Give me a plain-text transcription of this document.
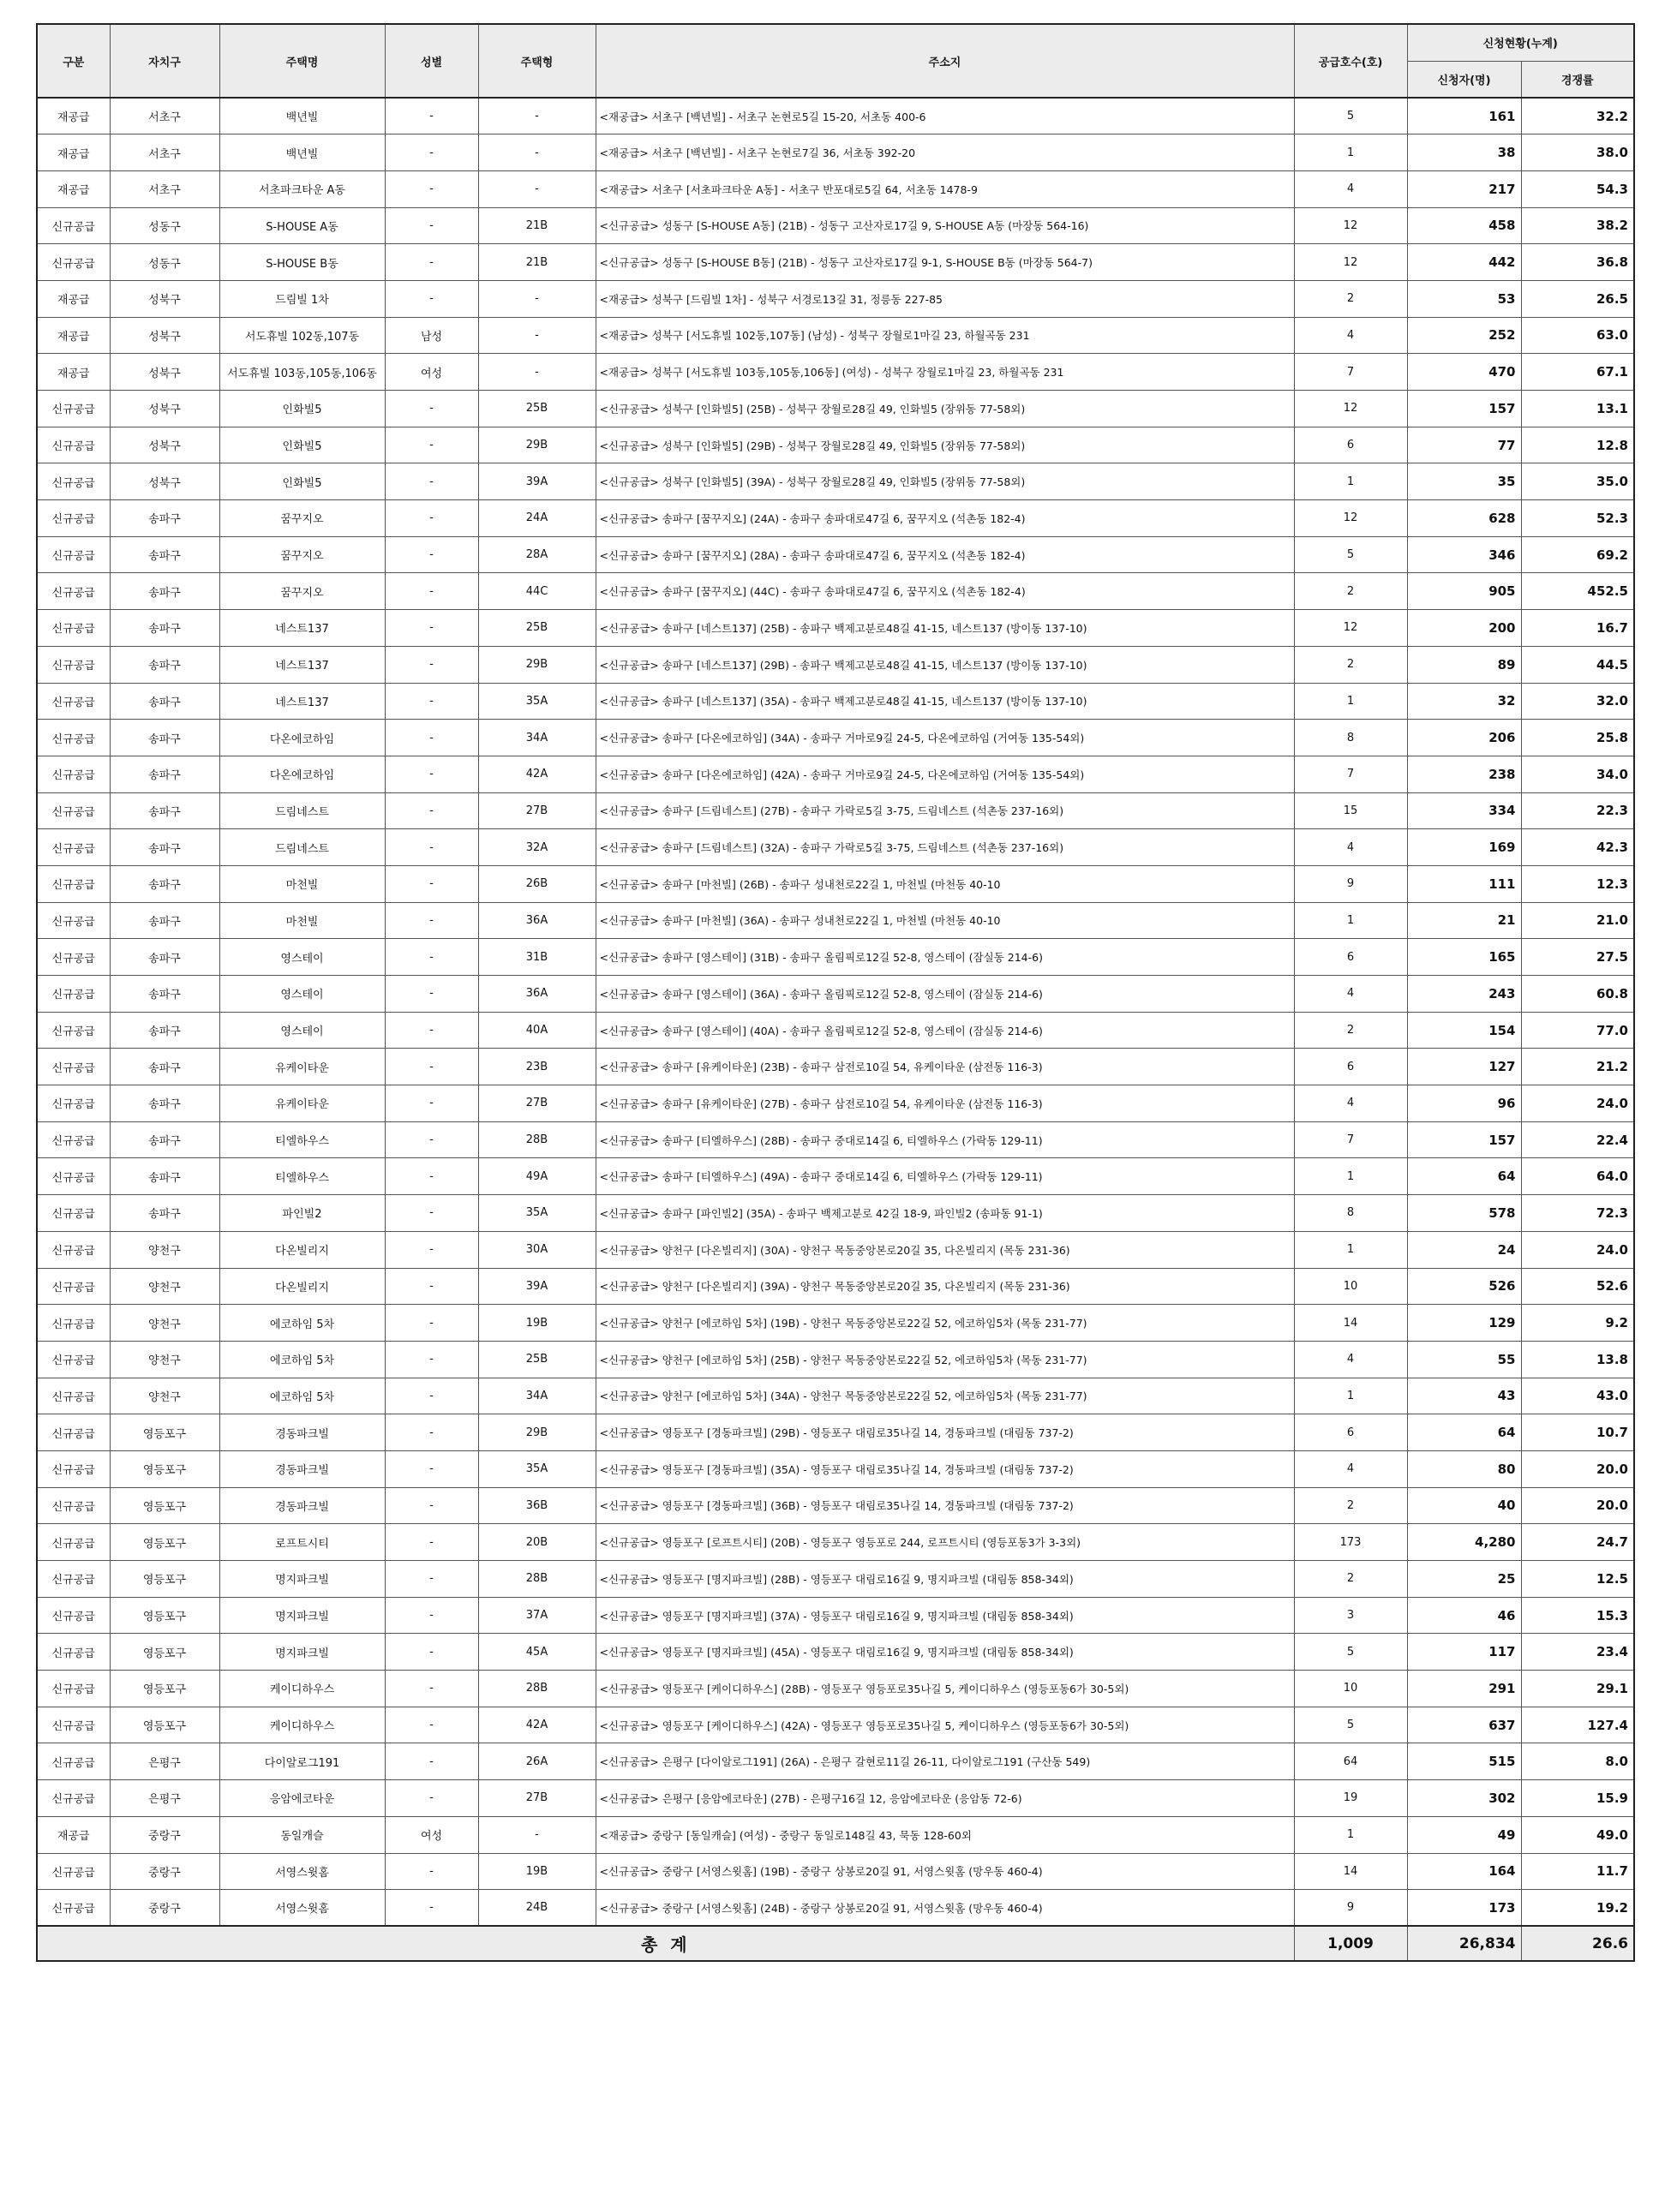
구분	자치구	주택명	성별	주택형	주소지	공급호수(호)	신청현황(누계)	
							신청자(명)	경쟁률
재공급	서초구	백년빌	-	-	<재공급> 서초구 [백년빌] - 서초구 논현로5길 15-20, 서초동 400-6	5	161	32.2
재공급	서초구	백년빌	-	-	<재공급> 서초구 [백년빌] - 서초구 논현로7길 36, 서초동 392-20	1	38	38.0
재공급	서초구	서초파크타운 A동	-	-	<재공급> 서초구 [서초파크타운 A동] - 서초구 반포대로5길 64, 서초동 1478-9	4	217	54.3
신규공급	성동구	S-HOUSE A동	-	21B	<신규공급> 성동구 [S-HOUSE A동] (21B) - 성동구 고산자로17길 9, S-HOUSE A동 (마장동 564-16)	12	458	38.2
신규공급	성동구	S-HOUSE B동	-	21B	<신규공급> 성동구 [S-HOUSE B동] (21B) - 성동구 고산자로17길 9-1, S-HOUSE B동 (마장동 564-7)	12	442	36.8
재공급	성북구	드림빌 1차	-	-	<재공급> 성북구 [드림빌 1차] - 성북구 서경로13길 31, 정릉동 227-85	2	53	26.5
재공급	성북구	서도휴빌 102동,107동	남성	-	<재공급> 성북구 [서도휴빌 102동,107동] (남성) - 성북구 장월로1마길 23, 하월곡동 231	4	252	63.0
재공급	성북구	서도휴빌 103동,105동,106동	여성	-	<재공급> 성북구 [서도휴빌 103동,105동,106동] (여성) - 성북구 장월로1마길 23, 하월곡동 231	7	470	67.1
신규공급	성북구	인화빌5	-	25B	<신규공급> 성북구 [인화빌5] (25B) - 성북구 장월로28길 49, 인화빌5 (장위동 77-58외)	12	157	13.1
신규공급	성북구	인화빌5	-	29B	<신규공급> 성북구 [인화빌5] (29B) - 성북구 장월로28길 49, 인화빌5 (장위동 77-58외)	6	77	12.8
신규공급	성북구	인화빌5	-	39A	<신규공급> 성북구 [인화빌5] (39A) - 성북구 장월로28길 49, 인화빌5 (장위동 77-58외)	1	35	35.0
신규공급	송파구	꿈꾸지오	-	24A	<신규공급> 송파구 [꿈꾸지오] (24A) - 송파구 송파대로47길 6, 꿈꾸지오 (석촌동 182-4)	12	628	52.3
신규공급	송파구	꿈꾸지오	-	28A	<신규공급> 송파구 [꿈꾸지오] (28A) - 송파구 송파대로47길 6, 꿈꾸지오 (석촌동 182-4)	5	346	69.2
신규공급	송파구	꿈꾸지오	-	44C	<신규공급> 송파구 [꿈꾸지오] (44C) - 송파구 송파대로47길 6, 꿈꾸지오 (석촌동 182-4)	2	905	452.5
신규공급	송파구	네스트137	-	25B	<신규공급> 송파구 [네스트137] (25B) - 송파구 백제고분로48길 41-15, 네스트137 (방이동 137-10)	12	200	16.7
신규공급	송파구	네스트137	-	29B	<신규공급> 송파구 [네스트137] (29B) - 송파구 백제고분로48길 41-15, 네스트137 (방이동 137-10)	2	89	44.5
신규공급	송파구	네스트137	-	35A	<신규공급> 송파구 [네스트137] (35A) - 송파구 백제고분로48길 41-15, 네스트137 (방이동 137-10)	1	32	32.0
신규공급	송파구	다온에코하임	-	34A	<신규공급> 송파구 [다온에코하임] (34A) - 송파구 거마로9길 24-5, 다온에코하임 (거여동 135-54외)	8	206	25.8
신규공급	송파구	다온에코하임	-	42A	<신규공급> 송파구 [다온에코하임] (42A) - 송파구 거마로9길 24-5, 다온에코하임 (거여동 135-54외)	7	238	34.0
신규공급	송파구	드림네스트	-	27B	<신규공급> 송파구 [드림네스트] (27B) - 송파구 가락로5길 3-75, 드림네스트 (석촌동 237-16외)	15	334	22.3
신규공급	송파구	드림네스트	-	32A	<신규공급> 송파구 [드림네스트] (32A) - 송파구 가락로5길 3-75, 드림네스트 (석촌동 237-16외)	4	169	42.3
신규공급	송파구	마천빌	-	26B	<신규공급> 송파구 [마천빌] (26B) - 송파구 성내천로22길 1, 마천빌 (마천동 40-10	9	111	12.3
신규공급	송파구	마천빌	-	36A	<신규공급> 송파구 [마천빌] (36A) - 송파구 성내천로22길 1, 마천빌 (마천동 40-10	1	21	21.0
신규공급	송파구	영스테이	-	31B	<신규공급> 송파구 [영스테이] (31B) - 송파구 올림픽로12길 52-8, 영스테이 (잠실동 214-6)	6	165	27.5
신규공급	송파구	영스테이	-	36A	<신규공급> 송파구 [영스테이] (36A) - 송파구 올림픽로12길 52-8, 영스테이 (잠실동 214-6)	4	243	60.8
신규공급	송파구	영스테이	-	40A	<신규공급> 송파구 [영스테이] (40A) - 송파구 올림픽로12길 52-8, 영스테이 (잠실동 214-6)	2	154	77.0
신규공급	송파구	유케이타운	-	23B	<신규공급> 송파구 [유케이타운] (23B) - 송파구 삼전로10길 54, 유케이타운 (삼전동 116-3)	6	127	21.2
신규공급	송파구	유케이타운	-	27B	<신규공급> 송파구 [유케이타운] (27B) - 송파구 삼전로10길 54, 유케이타운 (삼전동 116-3)	4	96	24.0
신규공급	송파구	티엘하우스	-	28B	<신규공급> 송파구 [티엘하우스] (28B) - 송파구 중대로14길 6, 티엘하우스 (가락동 129-11)	7	157	22.4
신규공급	송파구	티엘하우스	-	49A	<신규공급> 송파구 [티엘하우스] (49A) - 송파구 중대로14길 6, 티엘하우스 (가락동 129-11)	1	64	64.0
신규공급	송파구	파인빌2	-	35A	<신규공급> 송파구 [파인빌2] (35A) - 송파구 백제고분로 42길 18-9, 파인빌2 (송파동 91-1)	8	578	72.3
신규공급	양천구	다온빌리지	-	30A	<신규공급> 양천구 [다온빌리지] (30A) - 양천구 목동중앙본로20길 35, 다온빌리지 (목동 231-36)	1	24	24.0
신규공급	양천구	다온빌리지	-	39A	<신규공급> 양천구 [다온빌리지] (39A) - 양천구 목동중앙본로20길 35, 다온빌리지 (목동 231-36)	10	526	52.6
신규공급	양천구	에코하임 5차	-	19B	<신규공급> 양천구 [에코하임 5차] (19B) - 양천구 목동중앙본로22길 52, 에코하임5차 (목동 231-77)	14	129	9.2
신규공급	양천구	에코하임 5차	-	25B	<신규공급> 양천구 [에코하임 5차] (25B) - 양천구 목동중앙본로22길 52, 에코하임5차 (목동 231-77)	4	55	13.8
신규공급	양천구	에코하임 5차	-	34A	<신규공급> 양천구 [에코하임 5차] (34A) - 양천구 목동중앙본로22길 52, 에코하임5차 (목동 231-77)	1	43	43.0
신규공급	영등포구	경동파크빌	-	29B	<신규공급> 영등포구 [경동파크빌] (29B) - 영등포구 대림로35나길 14, 경동파크빌 (대림동 737-2)	6	64	10.7
신규공급	영등포구	경동파크빌	-	35A	<신규공급> 영등포구 [경동파크빌] (35A) - 영등포구 대림로35나길 14, 경동파크빌 (대림동 737-2)	4	80	20.0
신규공급	영등포구	경동파크빌	-	36B	<신규공급> 영등포구 [경동파크빌] (36B) - 영등포구 대림로35나길 14, 경동파크빌 (대림동 737-2)	2	40	20.0
신규공급	영등포구	로프트시티	-	20B	<신규공급> 영등포구 [로프트시티] (20B) - 영등포구 영등포로 244, 로프트시티 (영등포동3가 3-3외)	173	4,280	24.7
신규공급	영등포구	명지파크빌	-	28B	<신규공급> 영등포구 [명지파크빌] (28B) - 영등포구 대림로16길 9, 명지파크빌 (대림동 858-34외)	2	25	12.5
신규공급	영등포구	명지파크빌	-	37A	<신규공급> 영등포구 [명지파크빌] (37A) - 영등포구 대림로16길 9, 명지파크빌 (대림동 858-34외)	3	46	15.3
신규공급	영등포구	명지파크빌	-	45A	<신규공급> 영등포구 [명지파크빌] (45A) - 영등포구 대림로16길 9, 명지파크빌 (대림동 858-34외)	5	117	23.4
신규공급	영등포구	케이디하우스	-	28B	<신규공급> 영등포구 [케이디하우스] (28B) - 영등포구 영등포로35나길 5, 케이디하우스 (영등포동6가 30-5외)	10	291	29.1
신규공급	영등포구	케이디하우스	-	42A	<신규공급> 영등포구 [케이디하우스] (42A) - 영등포구 영등포로35나길 5, 케이디하우스 (영등포동6가 30-5외)	5	637	127.4
신규공급	은평구	다이알로그191	-	26A	<신규공급> 은평구 [다이알로그191] (26A) - 은평구 갈현로11길 26-11, 다이알로그191 (구산동 549)	64	515	8.0
신규공급	은평구	응암에코타운	-	27B	<신규공급> 은평구 [응암에코타운] (27B) - 은평구16길 12, 응암에코타운 (응암동 72-6)	19	302	15.9
재공급	중랑구	동일캐슬	여성	-	<재공급> 중랑구 [동일캐슬] (여성) - 중랑구 동일로148길 43, 묵동 128-60외	1	49	49.0
신규공급	중랑구	서영스윗홈	-	19B	<신규공급> 중랑구 [서영스윗홈] (19B) - 중랑구 상봉로20길 91, 서영스윗홈 (망우동 460-4)	14	164	11.7
신규공급	중랑구	서영스윗홈	-	24B	<신규공급> 중랑구 [서영스윗홈] (24B) - 중랑구 상봉로20길 91, 서영스윗홈 (망우동 460-4)	9	173	19.2
총 계						1,009	26,834	26.6
